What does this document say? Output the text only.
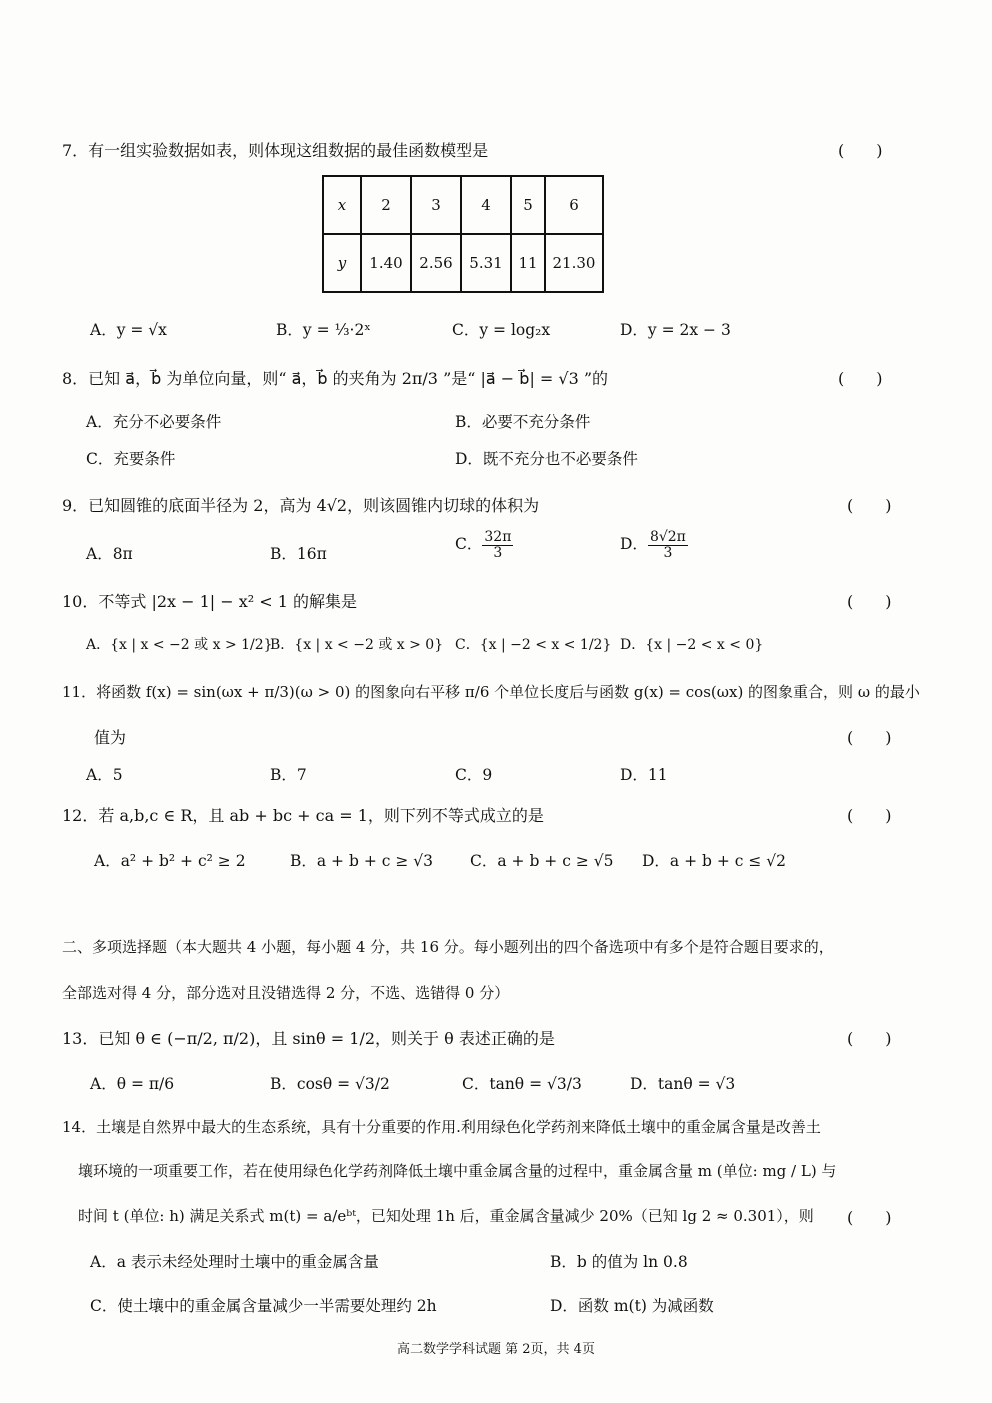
7．有一组实验数据如表，则体现这组数据的最佳函数模型是	(　　)
x	2	3	4	5	6
y	1.40	2.56	5.31	11	21.30
A．y = √x	B．y = ⅓·2ˣ	C．y = log₂x	D．y = 2x − 3
8．已知 a⃗，b⃗ 为单位向量，则“ a⃗，b⃗ 的夹角为 2π/3 ”是“ |a⃗ − b⃗| = √3 ”的	(　　)
A．充分不必要条件	B．必要不充分条件
C．充要条件	D．既不充分也不必要条件
9．已知圆锥的底面半径为 2，高为 4√2，则该圆锥内切球的体积为	(　　)
A．8π	B．16π
C． $\frac{32\pi}{3}$	D． $\frac{8√2\pi}{3}$
10．不等式 |2x − 1| − x² < 1 的解集是	(　　)
A．{x | x < −2 或 x > 1/2}
B．{x | x < −2 或 x > 0} C．{x | −2 < x < 1/2} D．{x | −2 < x < 0}
11．将函数 f(x) = sin(ωx + π/3)(ω > 0) 的图象向右平移 π/6 个单位长度后与函数 g(x) = cos(ωx) 的图象重合，则 ω 的最小
值为	(　　)
A．5	B．7	C．9	D．11
12．若 a,b,c ∈ R，且 ab + bc + ca = 1，则下列不等式成立的是	(　　)
A．a² + b² + c² ≥ 2	B．a + b + c ≥ √3 C．a + b + c ≥ √5 D．a + b + c ≤ √2
二、多项选择题（本大题共 4 小题，每小题 4 分，共 16 分。每小题列出的四个备选项中有多个是符合题目要求的，
全部选对得 4 分，部分选对且没错选得 2 分，不选、选错得 0 分）
13．已知 θ ∈ (−π/2, π/2)，且 sinθ = 1/2，则关于 θ 表述正确的是	(　　)
A．θ = π/6	B．cosθ = √3/2	C．tanθ = √3/3	D．tanθ = √3
14．土壤是自然界中最大的生态系统，具有十分重要的作用.利用绿色化学药剂来降低土壤中的重金属含量是改善土
壤环境的一项重要工作，若在使用绿色化学药剂降低土壤中重金属含量的过程中，重金属含量 m (单位: mg / L) 与
时间 t (单位: h) 满足关系式 m(t) = a/eᵇᵗ，已知处理 1h 后，重金属含量减少 20%（已知 lg 2 ≈ 0.301），则 (　　)
A．a 表示未经处理时土壤中的重金属含量	B．b 的值为 ln 0.8
C．使土壤中的重金属含量减少一半需要处理约 2h	D．函数 m(t) 为减函数
高二数学学科试题 第 2页，共 4页
